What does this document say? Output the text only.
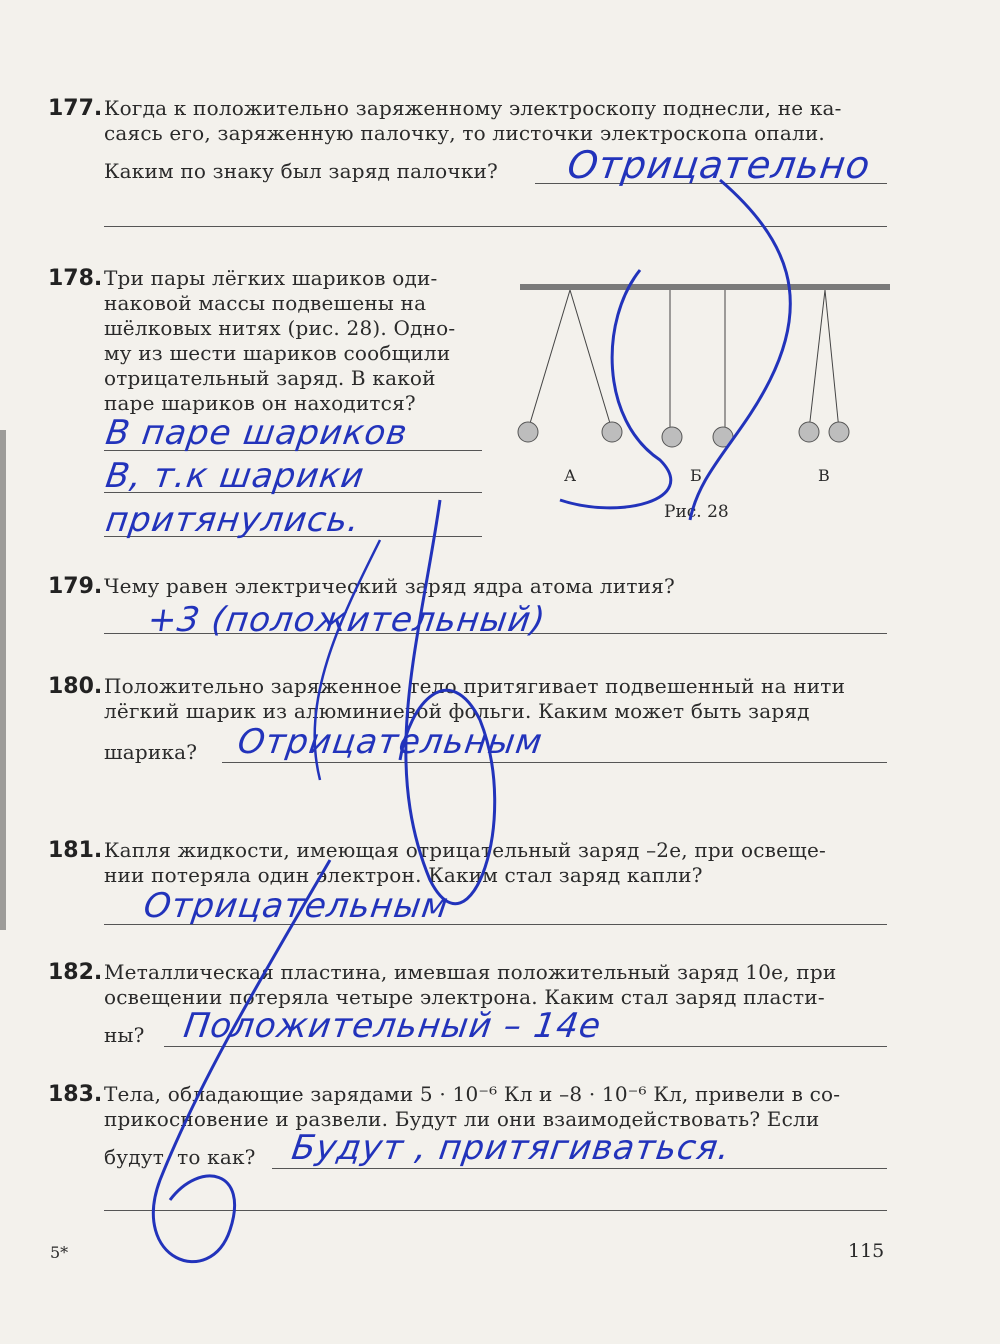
177. Когда к положительно заряженному электроскопу поднесли, не ка-
саясь его, заряженную палочку, то листочки электроскопа опали.
Каким по знаку был заряд палочки?	Отрицательно
178. Три пары лёгких шариков оди-
наковой массы подвешены на
шёлковых нитях (рис. 28). Одно-
му из шести шариков сообщили
отрицательный заряд. В какой
паре шариков он находится?
В паре шариков
В, т.к шарики
притянулись.
А	Б	В
Рис. 28
179. Чему равен электрический заряд ядра атома лития?
+3 (положительный)
180. Положительно заряженное тело притягивает подвешенный на нити
лёгкий шарик из алюминиевой фольги. Каким может быть заряд
шарика?	Отрицательным
181. Капля жидкости, имеющая отрицательный заряд –2e, при освеще-
нии потеряла один электрон. Каким стал заряд капли?
Отрицательным
182. Металлическая пластина, имевшая положительный заряд 10e, при
освещении потеряла четыре электрона. Каким стал заряд пласти-
ны?	Положительный – 14е
183. Тела, обладающие зарядами 5 · 10⁻⁶ Кл и –8 · 10⁻⁶ Кл, привели в со-
прикосновение и развели. Будут ли они взаимодействовать? Если
будут, то как? Будут , притягиваться.
5*	115
